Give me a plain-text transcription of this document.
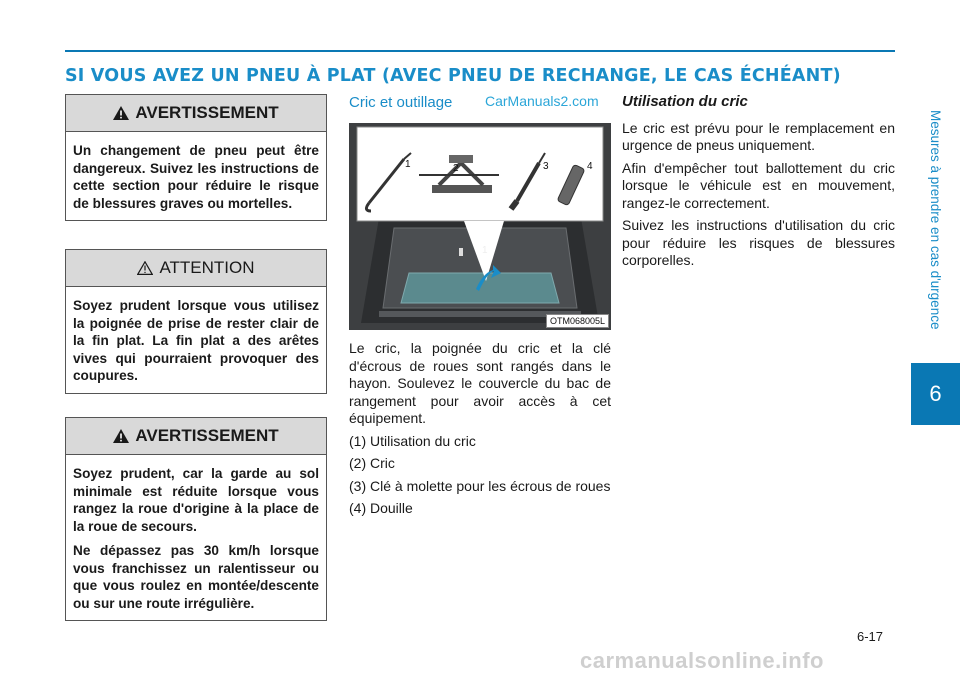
SI VOUS AVEZ UN PNEU À PLAT (AVEC PNEU DE RECHANGE, LE CAS ÉCHÉANT)
Mesures à prendre en cas d'urgence
6
AVERTISSEMENT

Un changement de pneu peut être dangereux. Suivez les instructions de cette section pour réduire le risque de blessures graves ou mortelles.

ATTENTION

Soyez prudent lorsque vous utilisez la poignée de prise de rester clair de la fin plat. La fin plat a des arêtes vives qui pourraient provoquer des coupures.

AVERTISSEMENT

Soyez prudent, car la garde au sol minimale est réduite lorsque vous rangez la roue d'origine à la place de la roue de secours.

Ne dépassez pas 30 km/h lorsque vous franchissez un ralentisseur ou que vous roulez en montée/descente ou sur une route irrégulière.

Cric et outillage CarManuals2.com
1	2	3	4
1
OTM068005L

Le cric, la poignée du cric et la clé d'écrous de roues sont rangés dans le hayon. Soulevez le couvercle du bac de rangement pour avoir accès à cet équipement.

(1) Utilisation du cric

(2) Cric

(3) Clé à molette pour les écrous de roues

(4) Douille

Utilisation du cric

Le cric est prévu pour le remplacement en urgence de pneus uniquement.

Afin d'empêcher tout ballottement du cric lorsque le véhicule est en mouvement, rangez-le correctement.

Suivez les instructions d'utilisation du cric pour réduire les risques de blessures corporelles.

6-17
carmanualsonline.info
